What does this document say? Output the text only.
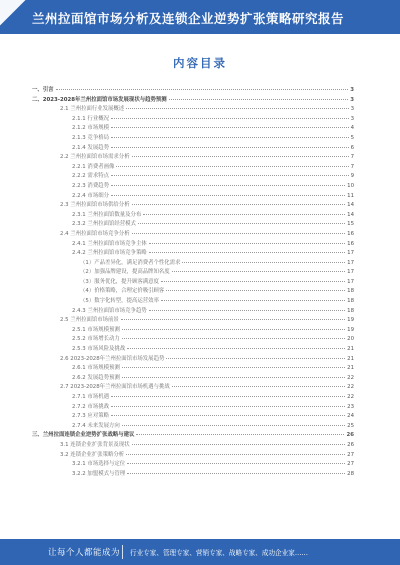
兰州拉面馆市场分析及连锁企业逆势扩张策略研究报告
内容目录
一、引言	3
二、2023-2028年兰州拉面馆市场发展现状与趋势预测	3
2.1 兰州拉面行业发展概述	3
2.1.1 行业概况	3
2.1.2 市场规模	4
2.1.3 竞争格局	5
2.1.4 发展趋势	6
2.2 兰州拉面馆市场需求分析	7
2.2.1 消费者画像	7
2.2.2 需求特点	9
2.2.3 消费趋势	10
2.2.4 市场细分	11
2.3 兰州拉面馆市场供给分析	14
2.3.1 兰州拉面馆数量及分布	14
2.3.2 兰州拉面馆经营模式	15
2.4 兰州拉面馆市场竞争分析	16
2.4.1 兰州拉面馆市场竞争主体	16
2.4.2 兰州拉面馆市场竞争策略	17
（1）产品差异化，满足消费者个性化需求	17
（2）加强品牌建设，提高品牌知名度	17
（3）服务优化，提升顾客满意度	17
（4）价格策略，合理定价吸引顾客	18
（5）数字化转型，提高运营效率	18
2.4.3 兰州拉面馆市场竞争趋势	18
2.5 兰州拉面馆市场前景	19
2.5.1 市场规模预测	19
2.5.2 市场增长动力	20
2.5.3 市场风险及挑战	21
2.6 2023-2028年兰州拉面馆市场发展趋势	21
2.6.1 市场规模预测	21
2.6.2 发展趋势预测	22
2.7 2023-2028年兰州拉面馆市场机遇与挑战	22
2.7.1 市场机遇	22
2.7.2 市场挑战	23
2.7.3 应对策略	24
2.7.4 未来发展方向	25
三、兰州拉面连锁企业逆势扩张战略与建议	26
3.1 连锁企业扩张背景及现状	26
3.2 连锁企业扩张策略分析	27
3.2.1 市场选择与定位	27
3.2.2 加盟模式与管理	28
让每个人都能成为 行业专家、管理专家、营销专家、战略专家、成功企业家……
